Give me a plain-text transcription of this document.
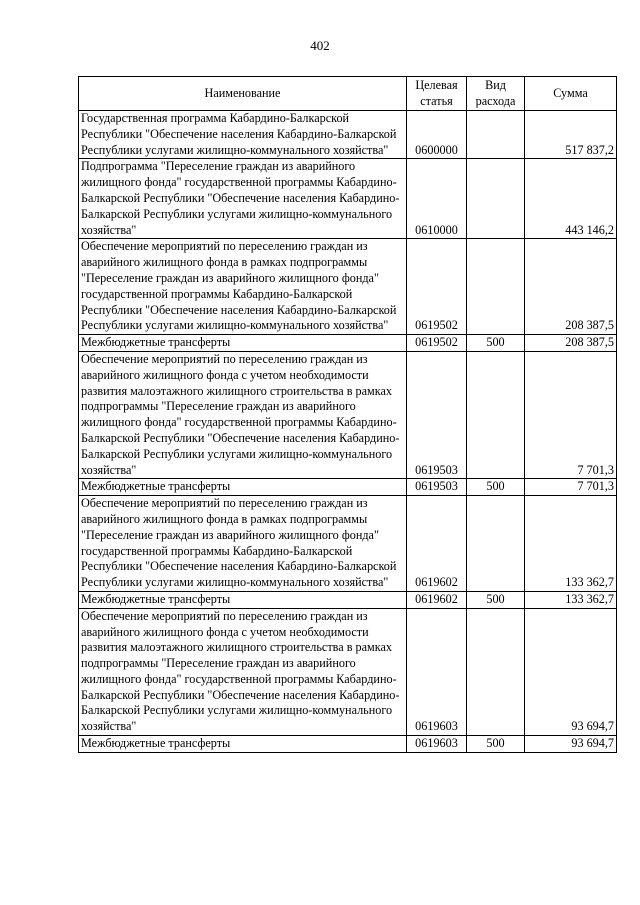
402
Наименование	Целевая статья	Вид расхода	Сумма
Государственная программа Кабардино-Балкарской Республики "Обеспечение населения Кабардино-Балкарской Республики услугами жилищно-коммунального хозяйства"	0600000		517 837,2
Подпрограмма "Переселение граждан из аварийного жилищного фонда" государственной программы Кабардино-Балкарской Республики "Обеспечение населения Кабардино-Балкарской Республики услугами жилищно-коммунального хозяйства"	0610000		443 146,2
Обеспечение мероприятий по переселению граждан из аварийного жилищного фонда в рамках подпрограммы "Переселение граждан из аварийного жилищного фонда" государственной программы Кабардино-Балкарской Республики "Обеспечение населения Кабардино-Балкарской Республики услугами жилищно-коммунального хозяйства"	0619502		208 387,5
Межбюджетные трансферты	0619502	500	208 387,5
Обеспечение мероприятий по переселению граждан из аварийного жилищного фонда с учетом необходимости развития малоэтажного жилищного строительства в рамках подпрограммы "Переселение граждан из аварийного жилищного фонда" государственной программы Кабардино-Балкарской Республики "Обеспечение населения Кабардино-Балкарской Республики услугами жилищно-коммунального хозяйства"	0619503		7 701,3
Межбюджетные трансферты	0619503	500	7 701,3
Обеспечение мероприятий по переселению граждан из аварийного жилищного фонда в рамках подпрограммы "Переселение граждан из аварийного жилищного фонда" государственной программы Кабардино-Балкарской Республики "Обеспечение населения Кабардино-Балкарской Республики услугами жилищно-коммунального хозяйства"	0619602		133 362,7
Межбюджетные трансферты	0619602	500	133 362,7
Обеспечение мероприятий по переселению граждан из аварийного жилищного фонда с учетом необходимости развития малоэтажного жилищного строительства в рамках подпрограммы "Переселение граждан из аварийного жилищного фонда" государственной программы Кабардино-Балкарской Республики "Обеспечение населения Кабардино-Балкарской Республики услугами жилищно-коммунального хозяйства"	0619603		93 694,7
Межбюджетные трансферты	0619603	500	93 694,7
